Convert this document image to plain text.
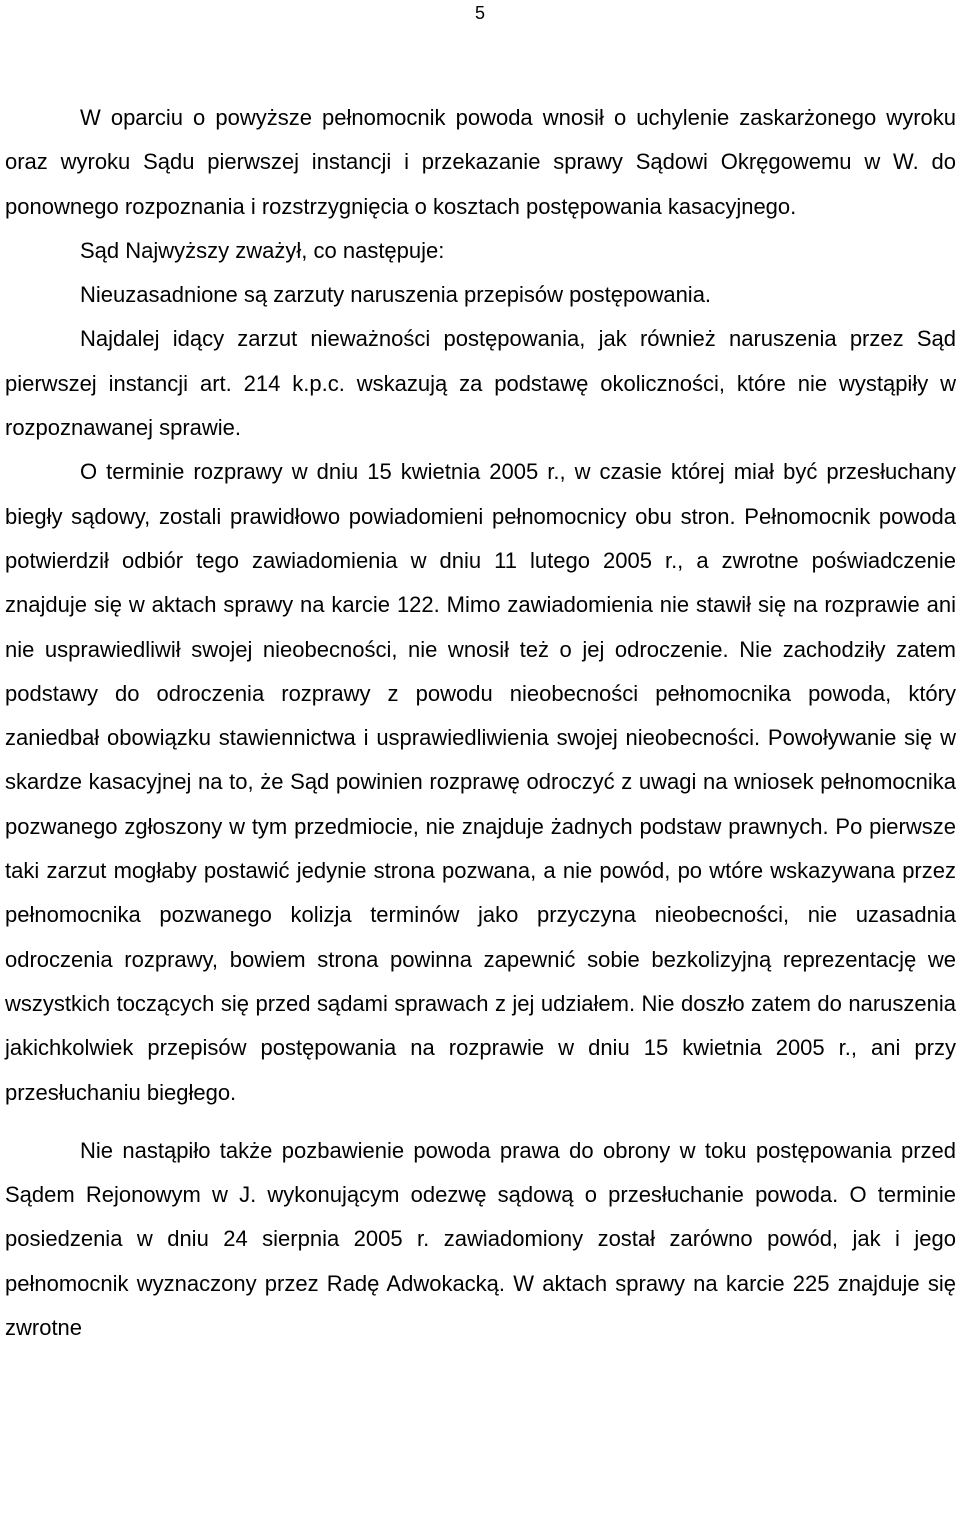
5

W oparciu o powyższe pełnomocnik powoda wnosił o uchylenie zaskarżonego wyroku oraz wyroku Sądu pierwszej instancji i przekazanie sprawy Sądowi Okręgowemu w W. do ponownego rozpoznania i rozstrzygnięcia o kosztach postępowania kasacyjnego.

Sąd Najwyższy zważył, co następuje:

Nieuzasadnione są zarzuty naruszenia przepisów postępowania.

Najdalej idący zarzut nieważności postępowania, jak również naruszenia przez Sąd pierwszej instancji art. 214 k.p.c. wskazują za podstawę okoliczności, które nie wystąpiły w rozpoznawanej sprawie.

O terminie rozprawy w dniu 15 kwietnia 2005 r., w czasie której miał być przesłuchany biegły sądowy, zostali prawidłowo powiadomieni pełnomocnicy obu stron. Pełnomocnik powoda potwierdził odbiór tego zawiadomienia w dniu 11 lutego 2005 r., a zwrotne poświadczenie znajduje się w aktach sprawy na karcie 122. Mimo zawiadomienia nie stawił się na rozprawie ani nie usprawiedliwił swojej nieobecności, nie wnosił też o jej odroczenie. Nie zachodziły zatem podstawy do odroczenia rozprawy z powodu nieobecności pełnomocnika powoda, który zaniedbał obowiązku stawiennictwa i usprawiedliwienia swojej nieobecności. Powoływanie się w skardze kasacyjnej na to, że Sąd powinien rozprawę odroczyć z uwagi na wniosek pełnomocnika pozwanego zgłoszony w tym przedmiocie, nie znajduje żadnych podstaw prawnych. Po pierwsze taki zarzut mogłaby postawić jedynie strona pozwana, a nie powód, po wtóre wskazywana przez pełnomocnika pozwanego kolizja terminów jako przyczyna nieobecności, nie uzasadnia odroczenia rozprawy, bowiem strona powinna zapewnić sobie bezkolizyjną reprezentację we wszystkich toczących się przed sądami sprawach z jej udziałem. Nie doszło zatem do naruszenia jakichkolwiek przepisów postępowania na rozprawie w dniu 15 kwietnia 2005 r., ani przy przesłuchaniu biegłego.

Nie nastąpiło także pozbawienie powoda prawa do obrony w toku postępowania przed Sądem Rejonowym w J. wykonującym odezwę sądową o przesłuchanie powoda. O terminie posiedzenia w dniu 24 sierpnia 2005 r. zawiadomiony został zarówno powód, jak i jego pełnomocnik wyznaczony przez Radę Adwokacką. W aktach sprawy na karcie 225 znajduje się zwrotne
